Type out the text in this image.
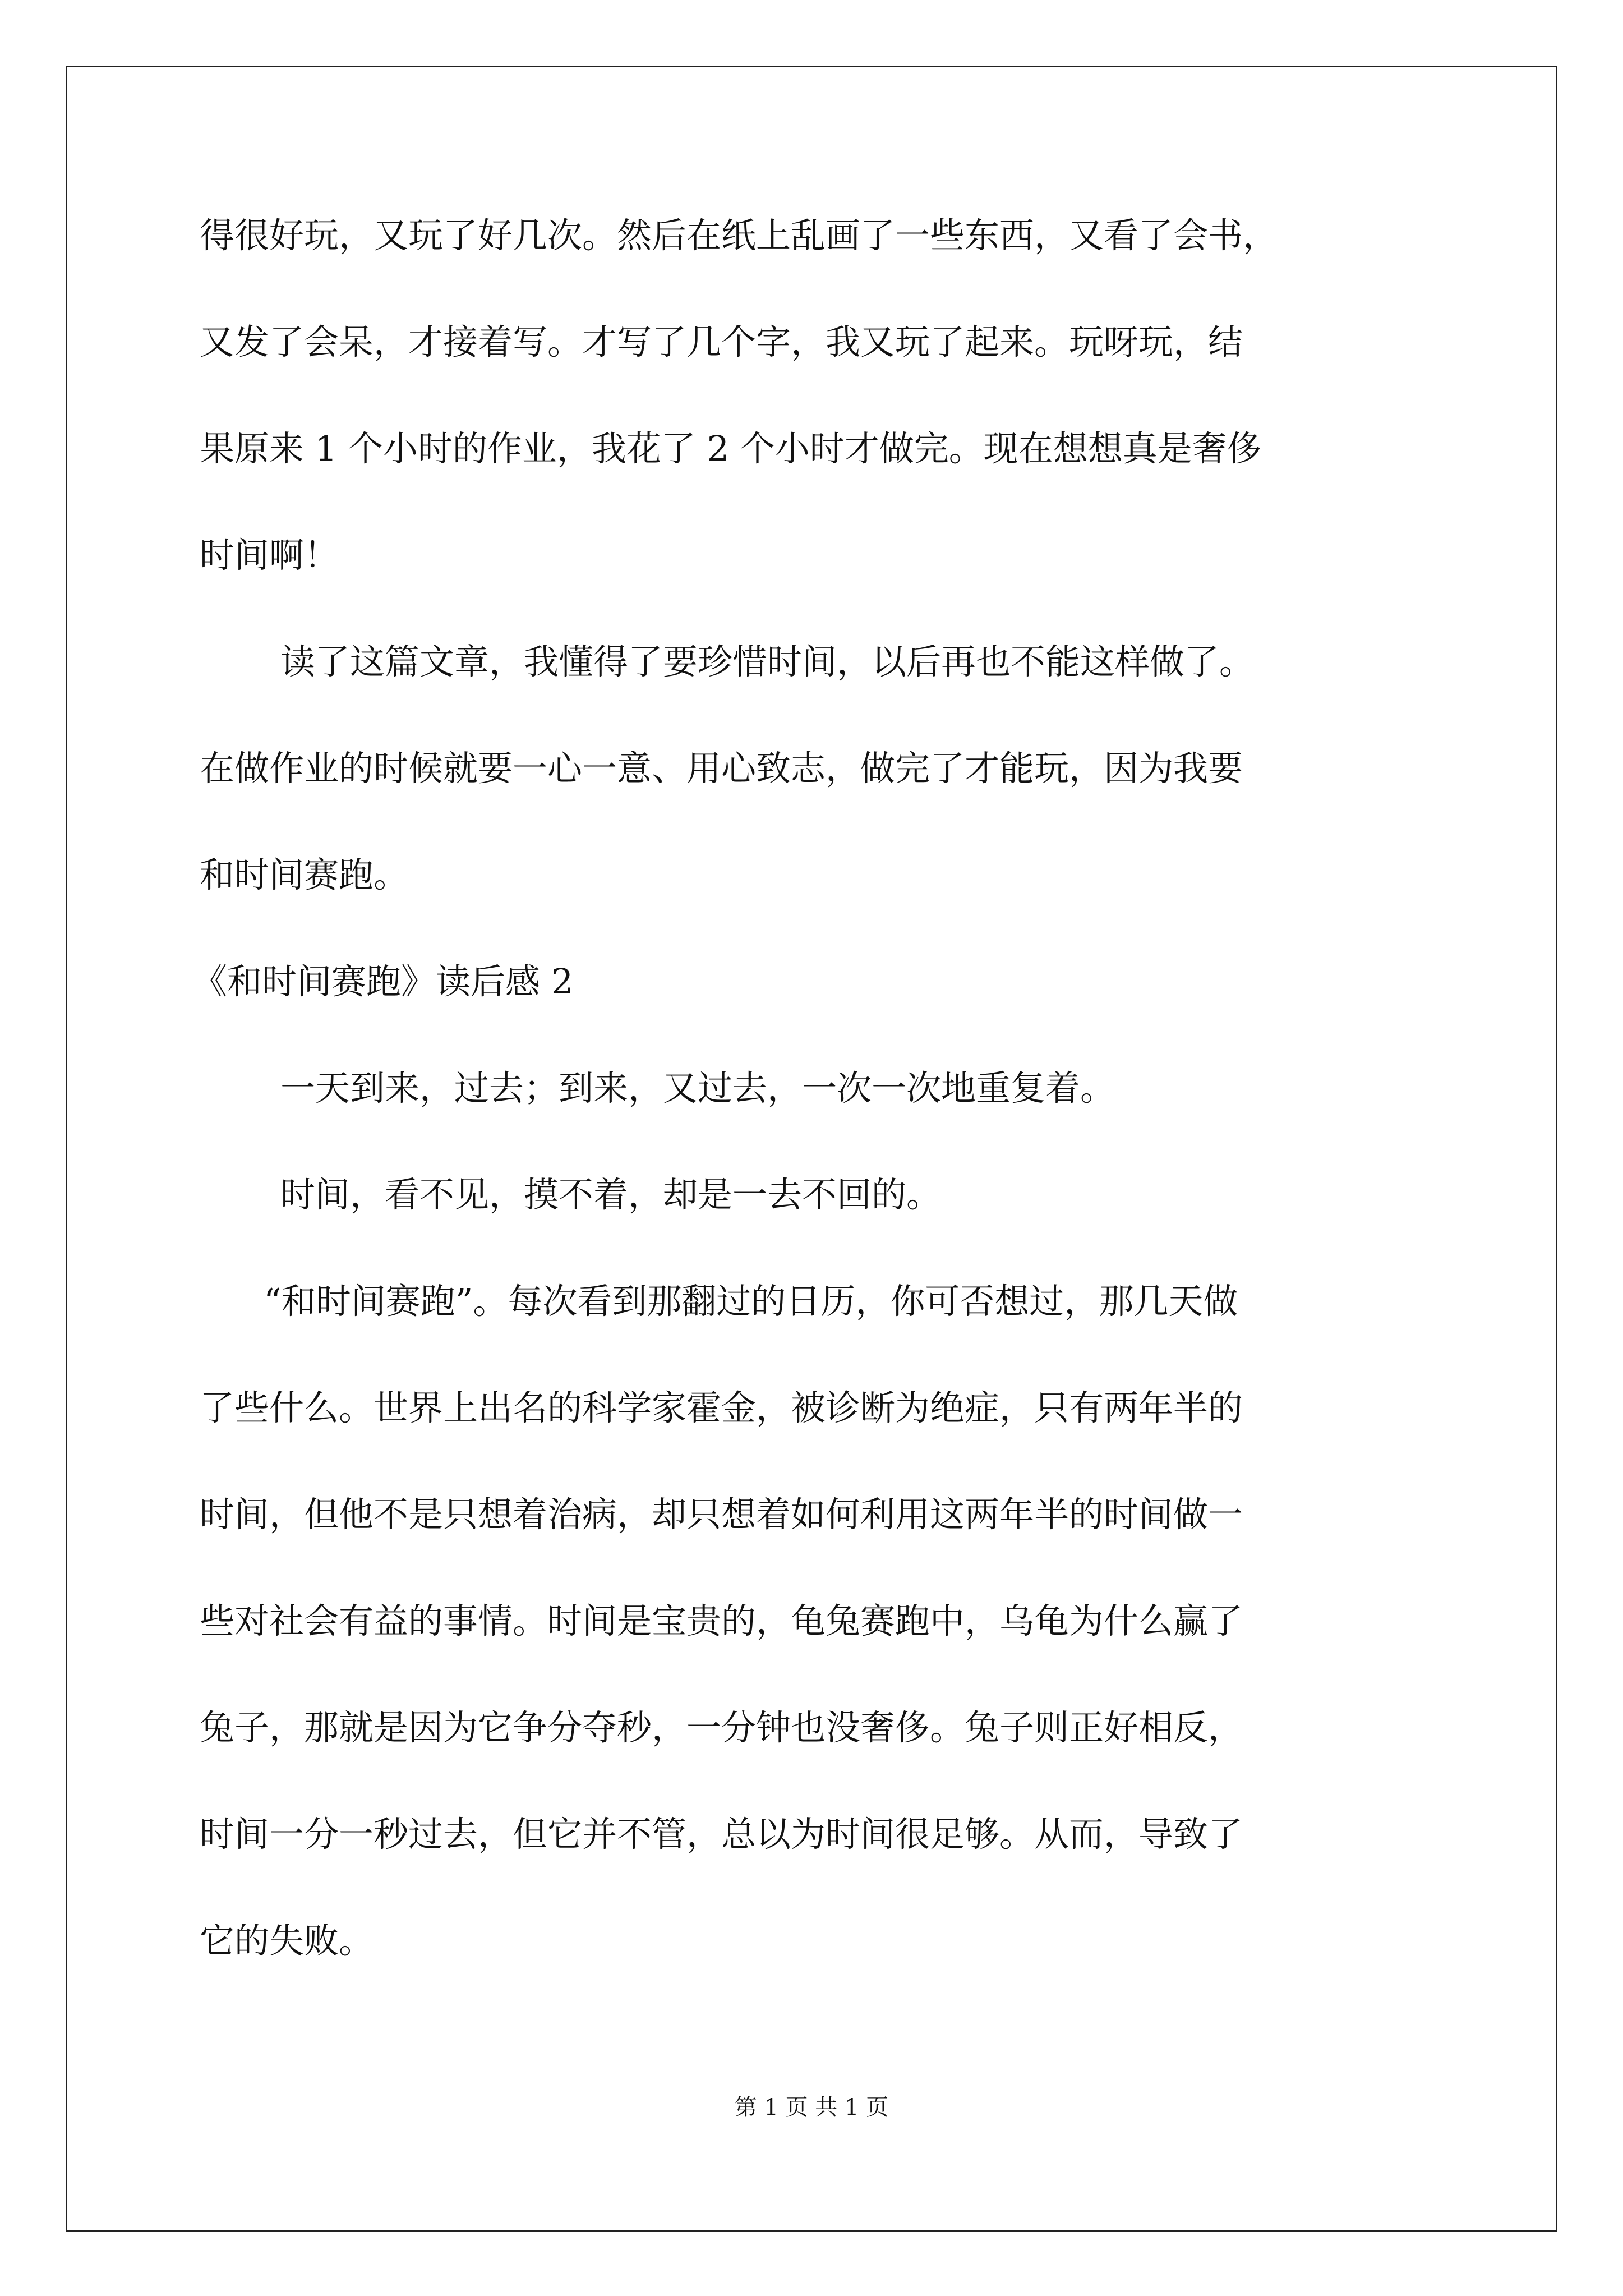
得很好玩，又玩了好几次。然后在纸上乱画了一些东西，又看了会书，
又发了会呆，才接着写。才写了几个字，我又玩了起来。玩呀玩，结
果原来 1 个小时的作业，我花了 2 个小时才做完。现在想想真是奢侈
时间啊！
读了这篇文章，我懂得了要珍惜时间，以后再也不能这样做了。
在做作业的时候就要一心一意、用心致志，做完了才能玩，因为我要
和时间赛跑。
《和时间赛跑》读后感 2
一天到来，过去；到来，又过去，一次一次地重复着。
时间，看不见，摸不着，却是一去不回的。
“和时间赛跑”。每次看到那翻过的日历，你可否想过，那几天做
了些什么。世界上出名的科学家霍金，被诊断为绝症，只有两年半的
时间，但他不是只想着治病，却只想着如何利用这两年半的时间做一
些对社会有益的事情。时间是宝贵的，龟兔赛跑中，乌龟为什么赢了
兔子，那就是因为它争分夺秒，一分钟也没奢侈。兔子则正好相反，
时间一分一秒过去，但它并不管，总以为时间很足够。从而，导致了
它的失败。
第 1 页 共 1 页
